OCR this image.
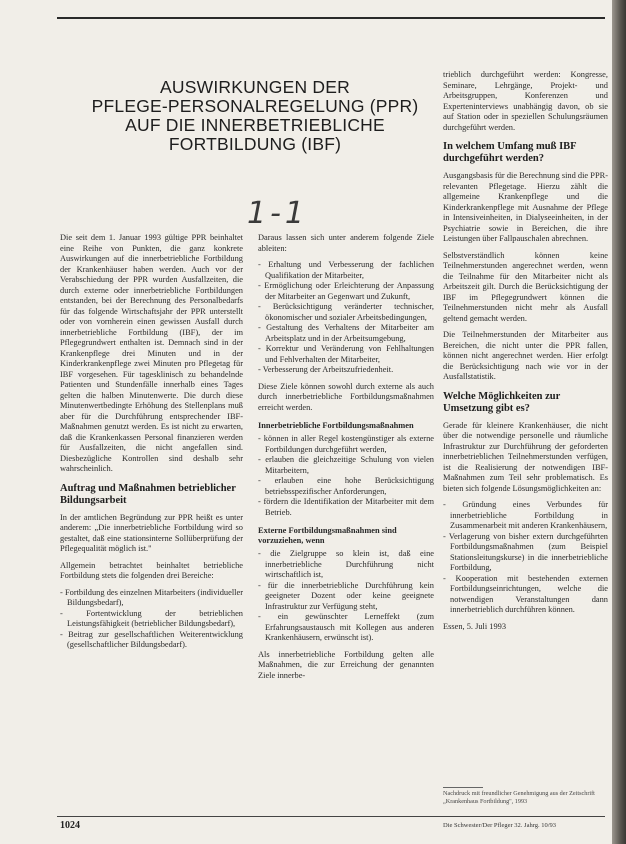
AUSWIRKUNGEN DER
PFLEGE-PERSONALREGELUNG (PPR)
AUF DIE INNERBETRIEBLICHE
FORTBILDUNG (IBF)
1-1

Die seit dem 1. Januar 1993 gültige PPR beinhaltet eine Reihe von Punkten, die ganz konkrete Auswirkungen auf die innerbetriebliche Fortbildung der Krankenhäuser haben werden. Auch vor der Verabschiedung der PPR wurden Ausfallzeiten, die durch externe oder innerbetriebliche Fortbildungen entstanden, bei der Berechnung des Personalbedarfs für das folgende Wirtschaftsjahr der PPR unterstellt oder von vornherein einen gewissen Ausfall durch innerbetriebliche Fortbildung (IBF), der im Pflegegrundwert enthalten ist. Demnach sind in der Krankenpflege drei Minuten und in der Kinderkrankenpflege zwei Minuten pro Pflegetag für IBF vorgesehen. Für tagesklinisch zu behandelnde Patienten und Stundenfälle innerhalb eines Tages gelten die halben Minutenwerte. Die durch diese Minutenwertbedingte Erhöhung des Stellenplans muß aber für die Durchführung entsprechender IBF-Maßnahmen genutzt werden. Es ist nicht zu erwarten, daß die Krankenkassen Personal finanzieren werden für Ausfallzeiten, die nicht angefallen sind. Diesbezügliche Kontrollen sind deshalb sehr wahrscheinlich.

Auftrag und Maßnahmen betrieblicher Bildungsarbeit

In der amtlichen Begründung zur PPR heißt es unter anderem: „Die innerbetriebliche Fortbildung wird so gestaltet, daß eine stationsinterne Sollüberprüfung der Pflegequalität möglich ist."

Allgemein betrachtet beinhaltet betriebliche Fortbildung stets die folgenden drei Bereiche:

- Fortbildung des einzelnen Mitarbeiters (individueller Bildungsbedarf),
- Fortentwicklung der betrieblichen Leistungsfähigkeit (betrieblicher Bildungsbedarf),
- Beitrag zur gesellschaftlichen Weiterentwicklung (gesellschaftlicher Bildungsbedarf).

Daraus lassen sich unter anderem folgende Ziele ableiten:

- Erhaltung und Verbesserung der fachlichen Qualifikation der Mitarbeiter,
- Ermöglichung oder Erleichterung der Anpassung der Mitarbeiter an Gegenwart und Zukunft,
- Berücksichtigung veränderter technischer, ökonomischer und sozialer Arbeitsbedingungen,
- Gestaltung des Verhaltens der Mitarbeiter am Arbeitsplatz und in der Arbeitsumgebung,
- Korrektur und Veränderung von Fehlhaltungen und Fehlverhalten der Mitarbeiter,
- Verbesserung der Arbeitszufriedenheit.

Diese Ziele können sowohl durch externe als auch durch innerbetriebliche Fortbildungsmaßnahmen erreicht werden.

Innerbetriebliche Fortbildungsmaßnahmen
- können in aller Regel kostengünstiger als externe Fortbildungen durchgeführt werden,
- erlauben die gleichzeitige Schulung von vielen Mitarbeitern,
- erlauben eine hohe Berücksichtigung betriebsspezifischer Anforderungen,
- fördern die Identifikation der Mitarbeiter mit dem Betrieb.
Externe Fortbildungsmaßnahmen sind vorzuziehen, wenn
- die Zielgruppe so klein ist, daß eine innerbetriebliche Durchführung nicht wirtschaftlich ist,
- für die innerbetriebliche Durchführung kein geeigneter Dozent oder keine geeignete Infrastruktur zur Verfügung steht,
- ein gewünschter Lerneffekt (zum Erfahrungsaustausch mit Kollegen aus anderen Krankenhäusern, erwünscht ist).

Als innerbetriebliche Fortbildung gelten alle Maßnahmen, die zur Erreichung der genannten Ziele innerbe-

trieblich durchgeführt werden: Kongresse, Seminare, Lehrgänge, Projekt- und Arbeitsgruppen, Konferenzen und Experteninterviews unabhängig davon, ob sie auf Station oder in speziellen Schulungsräumen durchgeführt werden.

In welchem Umfang muß IBF durchgeführt werden?

Ausgangsbasis für die Berechnung sind die PPR-relevanten Pflegetage. Hierzu zählt die allgemeine Krankenpflege und die Kinderkrankenpflege mit Ausnahme der Pflege in Intensiveinheiten, in Dialyseeinheiten, in der Psychiatrie sowie in Bereichen, die ihre Leistungen über Fallpauschalen abrechnen.

Selbstverständlich können keine Teilnehmerstunden angerechnet werden, wenn die Teilnahme für den Mitarbeiter nicht als Arbeitszeit gilt. Durch die Berücksichtigung der IBF im Pflegegrundwert können die Teilnehmerstunden nicht mehr als Ausfall geltend gemacht werden.

Die Teilnehmerstunden der Mitarbeiter aus Bereichen, die nicht unter die PPR fallen, können nicht angerechnet werden. Hier erfolgt die Berücksichtigung nach wie vor in der Ausfallstatistik.

Welche Möglichkeiten zur Umsetzung gibt es?

Gerade für kleinere Krankenhäuser, die nicht über die notwendige personelle und räumliche Infrastruktur zur Durchführung der geforderten innerbetrieblichen Teilnehmerstunden verfügen, ist die Realisierung der notwendigen IBF-Maßnahmen zum Teil sehr problematisch. Es bieten sich folgende Lösungsmöglichkeiten an:

- Gründung eines Verbundes für innerbetriebliche Fortbildung in Zusammenarbeit mit anderen Krankenhäusern,
- Verlagerung von bisher extern durchgeführten Fortbildungsmaßnahmen (zum Beispiel Stationsleitungskurse) in die innerbetriebliche Fortbildung,
- Kooperation mit bestehenden externen Fortbildungseinrichtungen, welche die notwendigen Veranstaltungen dann innerbetrieblich durchführen können.

Essen, 5. Juli 1993

Nachdruck mit freundlicher Genehmigung aus der Zeitschrift „Krankenhaus Fortbildung", 1993
1024	Die Schwester/Der Pfleger 32. Jahrg. 10/93
